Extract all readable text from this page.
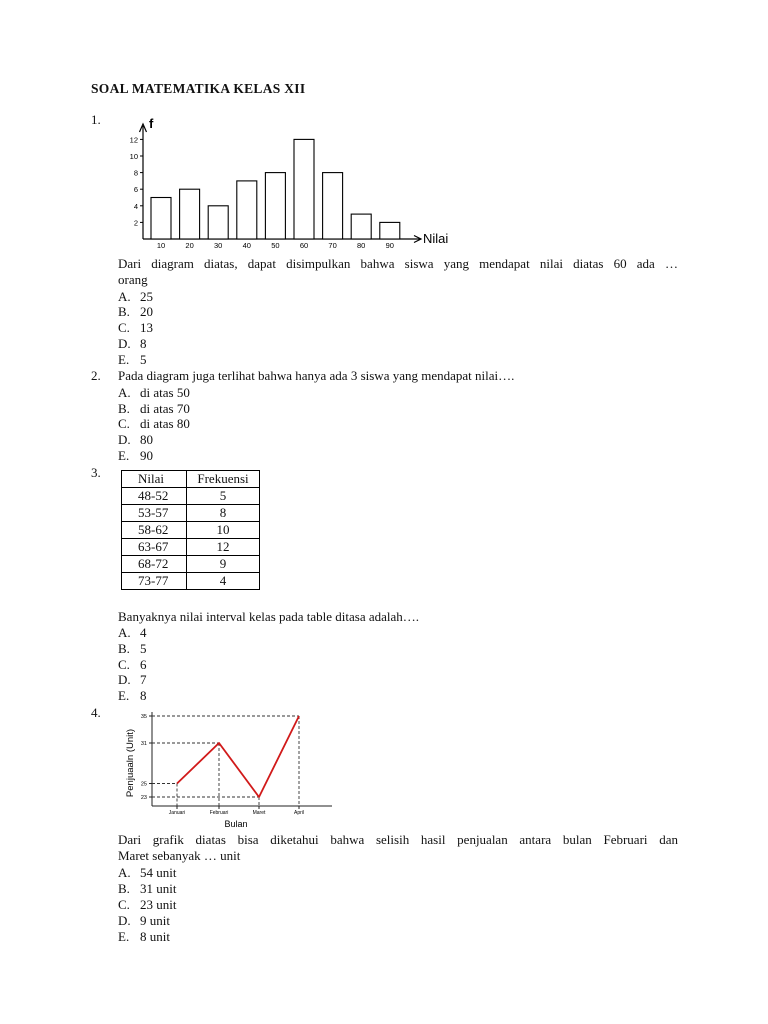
SOAL MATEMATIKA KELAS XII
1.	f
Nilai
2
4
6
8
10
12
10	20	30	40	50	60	70	80	90
Dari diagram diatas, dapat disimpulkan bahwa siswa yang mendapat nilai diatas 60 ada …
orang
A. 25
B. 20
C. 13
D. 8
E. 5
2. Pada diagram juga terlihat bahwa hanya ada 3 siswa yang mendapat nilai….
A. di atas 50
B. di atas 70
C. di atas 80
D. 80
E. 90
3.	Nilai	Frekuensi
48-52	5
53-57	8
58-62	10
63-67	12
68-72	9
73-77	4
Banyaknya nilai interval kelas pada table ditasa adalah….
A. 4
B. 5
C. 6
D. 7
E. 8
4.
23
25
31
35
Januari	Februari	Maret	April
Bulan
Penjuaaln (Unit)
Dari grafik diatas bisa diketahui bahwa selisih hasil penjualan antara bulan Februari dan
Maret sebanyak … unit
A. 54 unit
B. 31 unit
C. 23 unit
D. 9 unit
E. 8 unit
